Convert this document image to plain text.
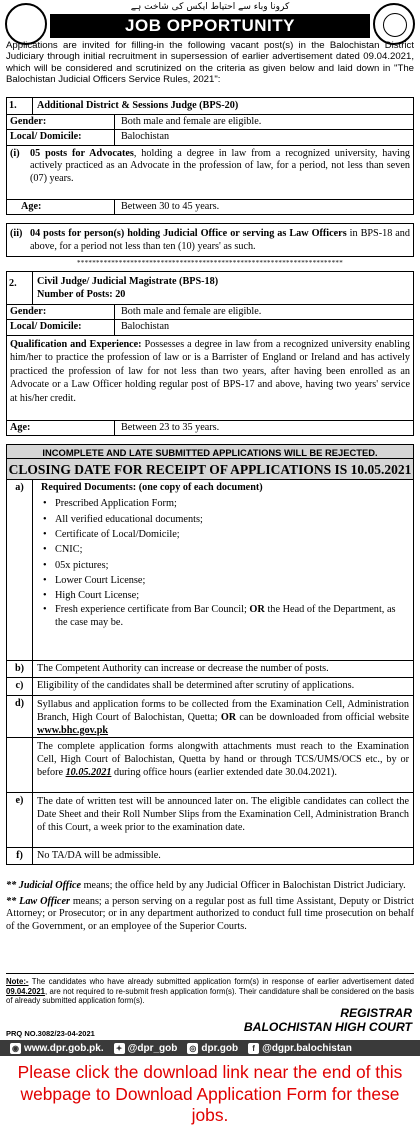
کرونا وباء سے احتیاط ایکس کی شاخت ہے
JOB OPPORTUNITY
Applications are invited for filling-in the following vacant post(s) in the Balochistan District Judiciary through initial recruitment in supersession of earlier advertisement dated 09.04.2021, which will be considered and scrutinized on the criteria as given below and laid down in "The Balochistan Judicial Officers Service Rules, 2021":
1.	Additional District & Sessions Judge (BPS-20)
Gender:	Both male and female are eligible.
Local/ Domicile:	Balochistan
(i)	05 posts for Advocates, holding a degree in law from a recognized university, having actively practiced as an Advocate in the profession of law, for a period, not less than seven (07) years.
Age:	Between 30 to 45 years.
(ii) 04 posts for person(s) holding Judicial Office or serving as Law Officers in BPS-18 and above, for a period not less than ten (10) years' as such.
**********************************************************************
2.	Civil Judge/ Judicial Magistrate (BPS-18)
Number of Posts: 20
Gender:	Both male and female are eligible.
Local/ Domicile:	Balochistan
Qualification and Experience: Possesses a degree in law from a recognized university enabling him/her to practice the profession of law or is a Barrister of England or Ireland and has actively practiced the profession of law for not less than two years, after having been enrolled as an Advocate or a Law Officer holding regular post of BPS-17 and above, having two years' service at his/her credit.
Age:	Between 23 to 35 years.
INCOMPLETE AND LATE SUBMITTED APPLICATIONS WILL BE REJECTED.
CLOSING DATE FOR RECEIPT OF APPLICATIONS IS 10.05.2021
a)	Required Documents: (one copy of each document)
• Prescribed Application Form;
• All verified educational documents;
• Certificate of Local/Domicile;
• CNIC;
• 05x pictures;
• Lower Court License;
• High Court License;
• Fresh experience certificate from Bar Council; OR the Head of the Department, as the case may be.
b)	The Competent Authority can increase or decrease the number of posts.
c)	Eligibility of the candidates shall be determined after scrutiny of applications.
d)	Syllabus and application forms to be collected from the Examination Cell, Administration Branch, High Court of Balochistan, Quetta; OR can be downloaded from official website www.bhc.gov.pk
The complete application forms alongwith attachments must reach to the Examination Cell, High Court of Balochistan, Quetta by hand or through TCS/UMS/OCS etc., by or before 10.05.2021 during office hours (earlier extended date 30.04.2021).
e)	The date of written test will be announced later on. The eligible candidates can collect the Date Sheet and their Roll Number Slips from the Examination Cell, Administration Branch of this Court, a week prior to the examination date.
f)	No TA/DA will be admissible.
** Judicial Office means; the office held by any Judicial Officer in Balochistan District Judiciary.
** Law Officer means; a person serving on a regular post as full time Assistant, Deputy or District Attorney; or Prosecutor; or in any department authorized to conduct full time prosecution on behalf of the Government, or an employee of the Superior Courts.
Note:- The candidates who have already submitted application form(s) in response of earlier advertisement dated 09.04.2021, are not required to re-submit fresh application form(s). Their candidature shall be considered on the basis of already submitted application form(s).
REGISTRAR
BALOCHISTAN HIGH COURT
PRQ NO.3082/23-04-2021
◉ www.dpr.gob.pk. ✦ @dpr_gob ◎ dpr.gob	f @dgpr.balochistan
Please click the download link near the end of this webpage to Download Application Form for these jobs.
